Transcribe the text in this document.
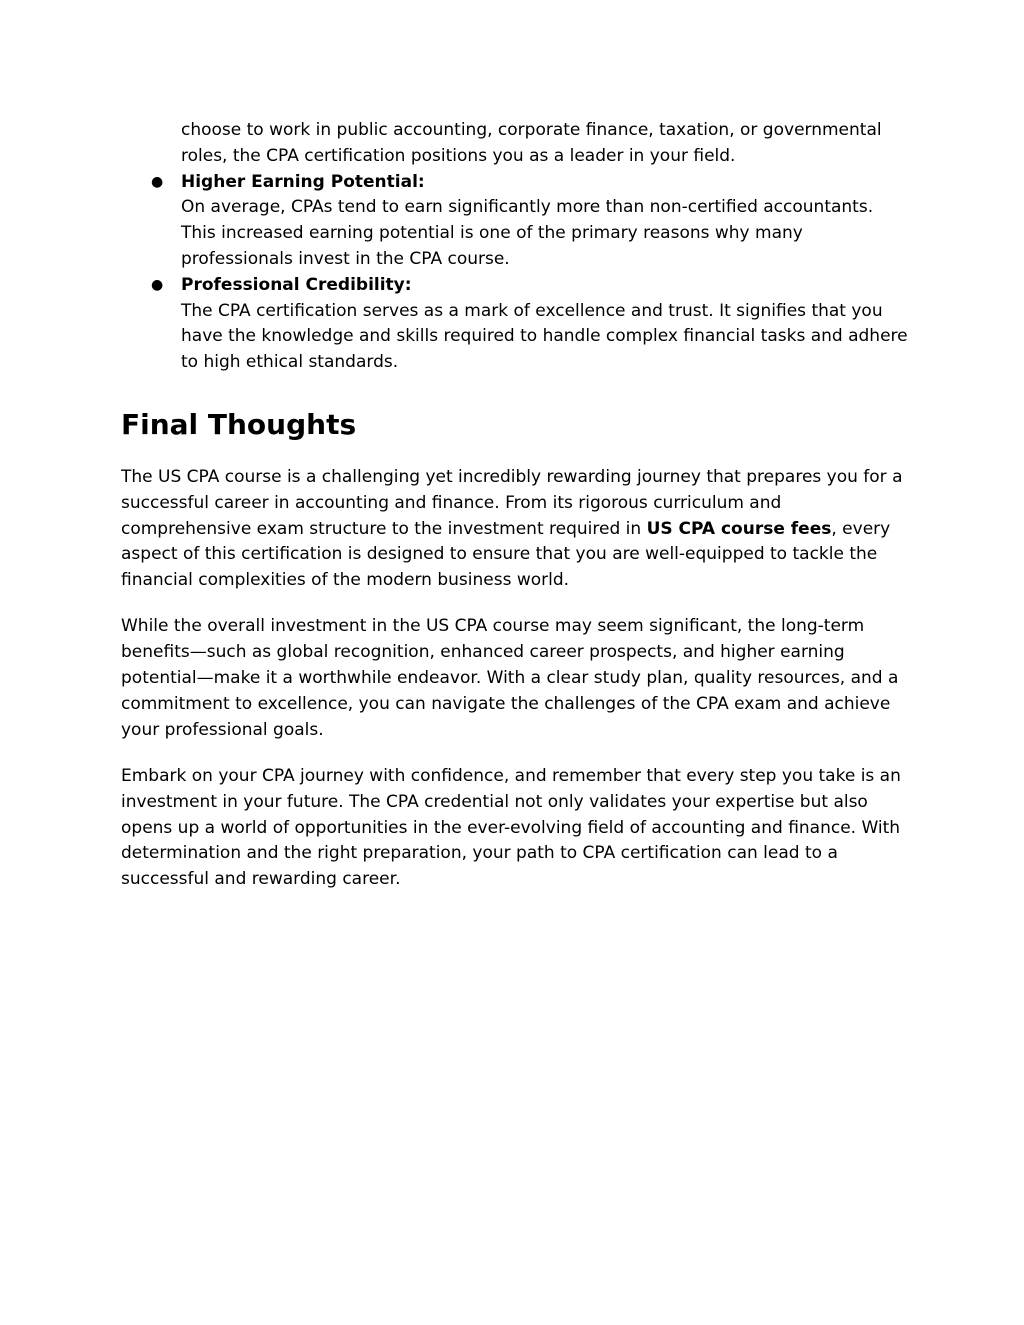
choose to work in public accounting, corporate finance, taxation, or governmental roles, the CPA certification positions you as a leader in your field.

● Higher Earning Potential:
On average, CPAs tend to earn significantly more than non-certified accountants. This increased earning potential is one of the primary reasons why many professionals invest in the CPA course.
● Professional Credibility:
The CPA certification serves as a mark of excellence and trust. It signifies that you have the knowledge and skills required to handle complex financial tasks and adhere to high ethical standards.
Final Thoughts

The US CPA course is a challenging yet incredibly rewarding journey that prepares you for a successful career in accounting and finance. From its rigorous curriculum and comprehensive exam structure to the investment required in US CPA course fees, every aspect of this certification is designed to ensure that you are well-equipped to tackle the financial complexities of the modern business world.

While the overall investment in the US CPA course may seem significant, the long-term benefits—such as global recognition, enhanced career prospects, and higher earning potential—make it a worthwhile endeavor. With a clear study plan, quality resources, and a commitment to excellence, you can navigate the challenges of the CPA exam and achieve your professional goals.

Embark on your CPA journey with confidence, and remember that every step you take is an investment in your future. The CPA credential not only validates your expertise but also opens up a world of opportunities in the ever-evolving field of accounting and finance. With determination and the right preparation, your path to CPA certification can lead to a successful and rewarding career.
